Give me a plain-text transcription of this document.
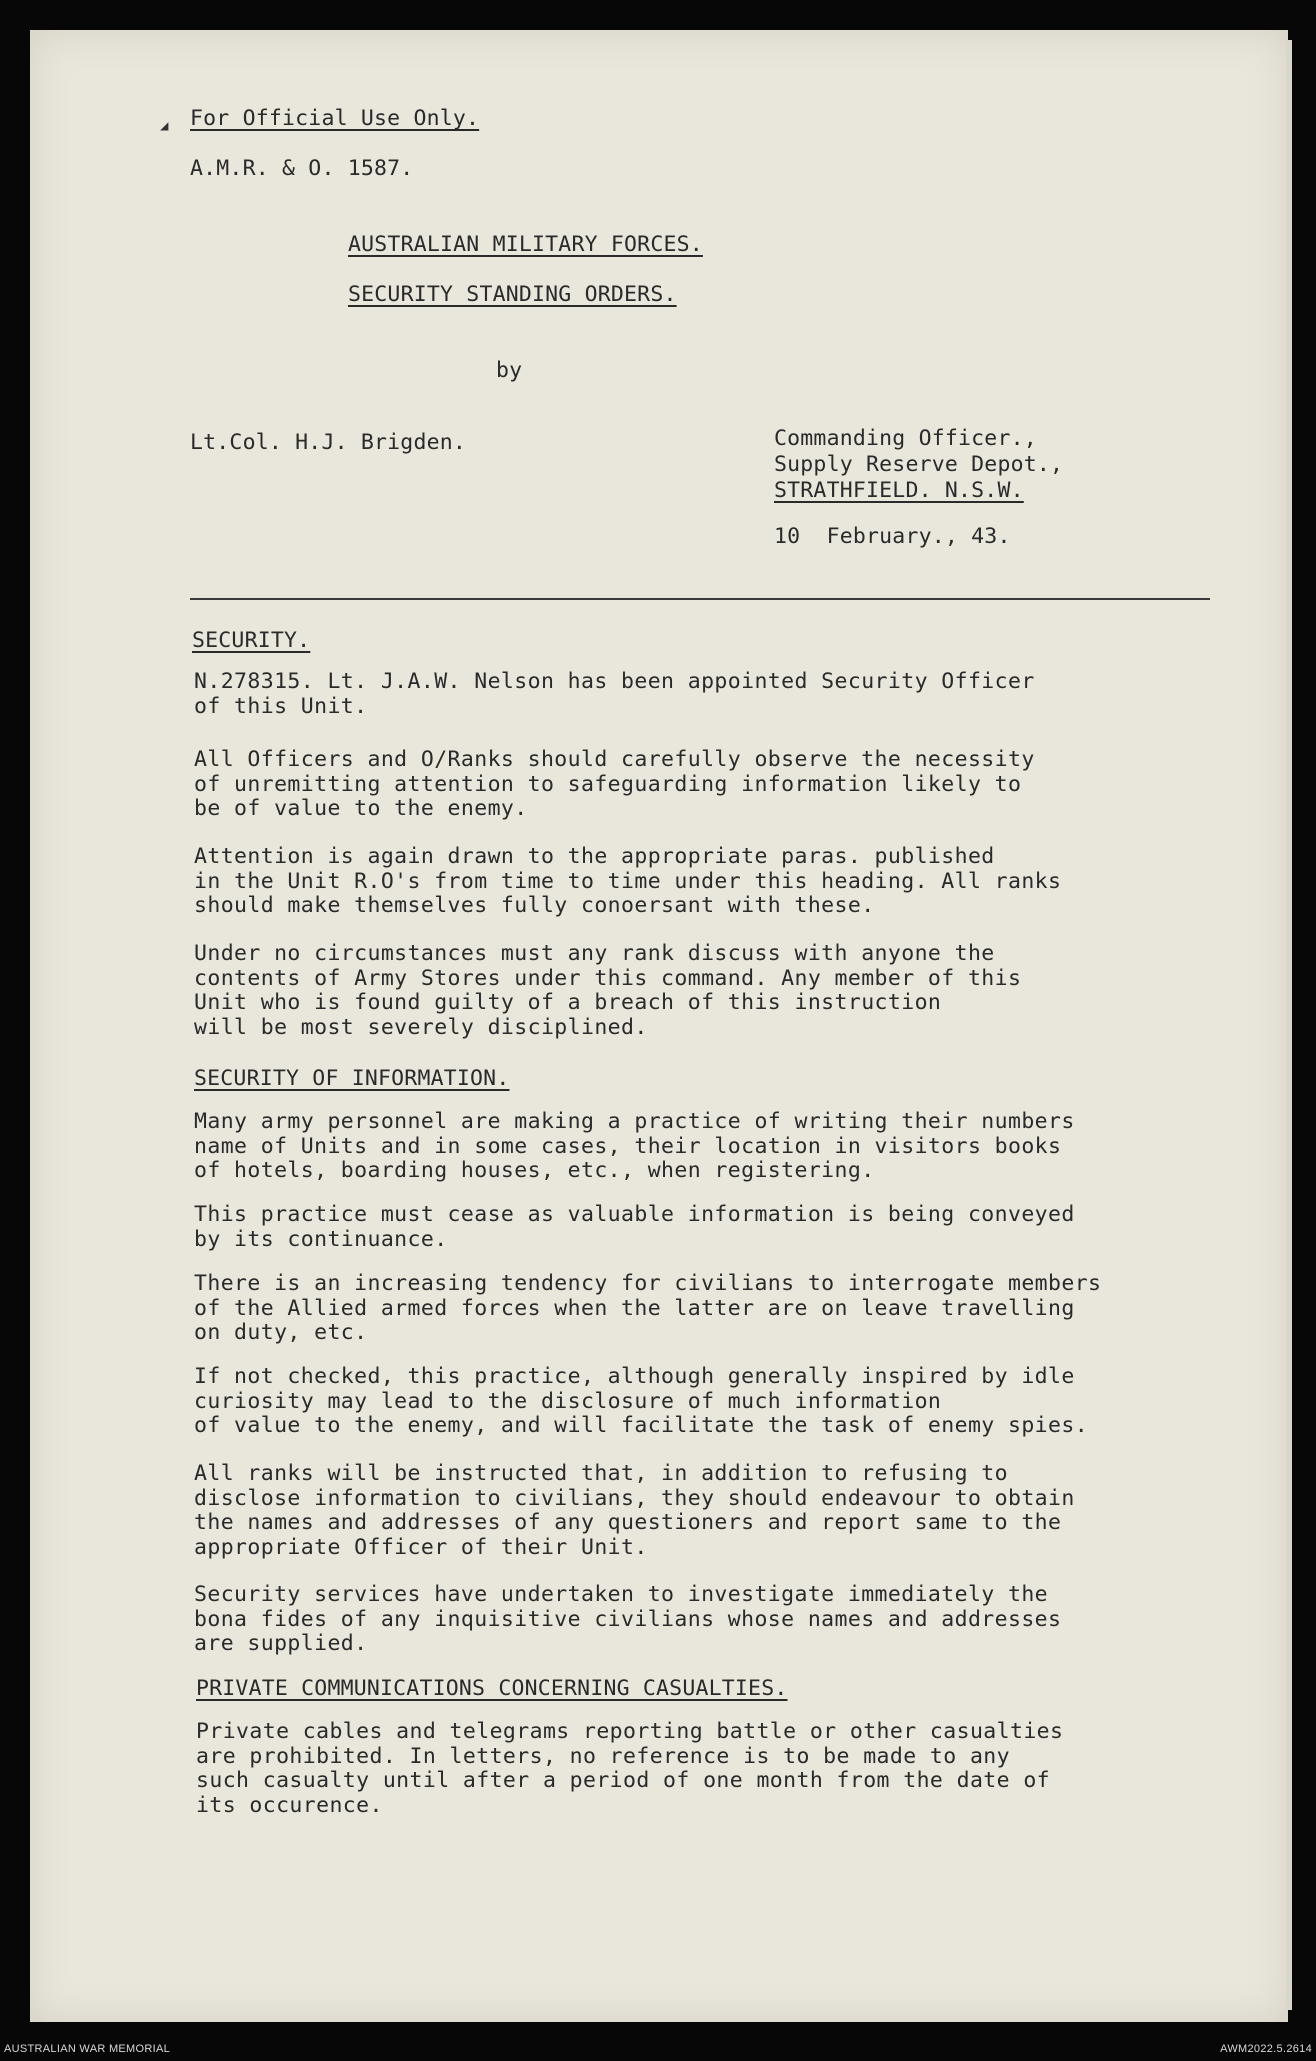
◢ For Official Use Only.
A.M.R. & O. 1587.
AUSTRALIAN MILITARY FORCES.
SECURITY STANDING ORDERS.
by
Lt.Col. H.J. Brigden.	Commanding Officer.,
Supply Reserve Depot.,
STRATHFIELD. N.S.W.
10  February., 43.
SECURITY.

N.278315. Lt. J.A.W. Nelson has been appointed Security Officer
of this Unit.

All Officers and O/Ranks should carefully observe the necessity
of unremitting attention to safeguarding information likely to
be of value to the enemy.

Attention is again drawn to the appropriate paras. published
in the Unit R.O's from time to time under this heading. All ranks
should make themselves fully conoersant with these.

Under no circumstances must any rank discuss with anyone the
contents of Army Stores under this command. Any member of this
Unit who is found guilty of a breach of this instruction
will be most severely disciplined.

SECURITY OF INFORMATION.

Many army personnel are making a practice of writing their numbers
name of Units and in some cases, their location in visitors books
of hotels, boarding houses, etc., when registering.

This practice must cease as valuable information is being conveyed
by its continuance.

There is an increasing tendency for civilians to interrogate members
of the Allied armed forces when the latter are on leave travelling
on duty, etc.

If not checked, this practice, although generally inspired by idle
curiosity may lead to the disclosure of much information
of value to the enemy, and will facilitate the task of enemy spies.

All ranks will be instructed that, in addition to refusing to
disclose information to civilians, they should endeavour to obtain
the names and addresses of any questioners and report same to the
appropriate Officer of their Unit.

Security services have undertaken to investigate immediately the
bona fides of any inquisitive civilians whose names and addresses
are supplied.

PRIVATE COMMUNICATIONS CONCERNING CASUALTIES.

Private cables and telegrams reporting battle or other casualties
are prohibited. In letters, no reference is to be made to any
such casualty until after a period of one month from the date of
its occurence.

AUSTRALIAN WAR MEMORIAL	AWM2022.5.2614
